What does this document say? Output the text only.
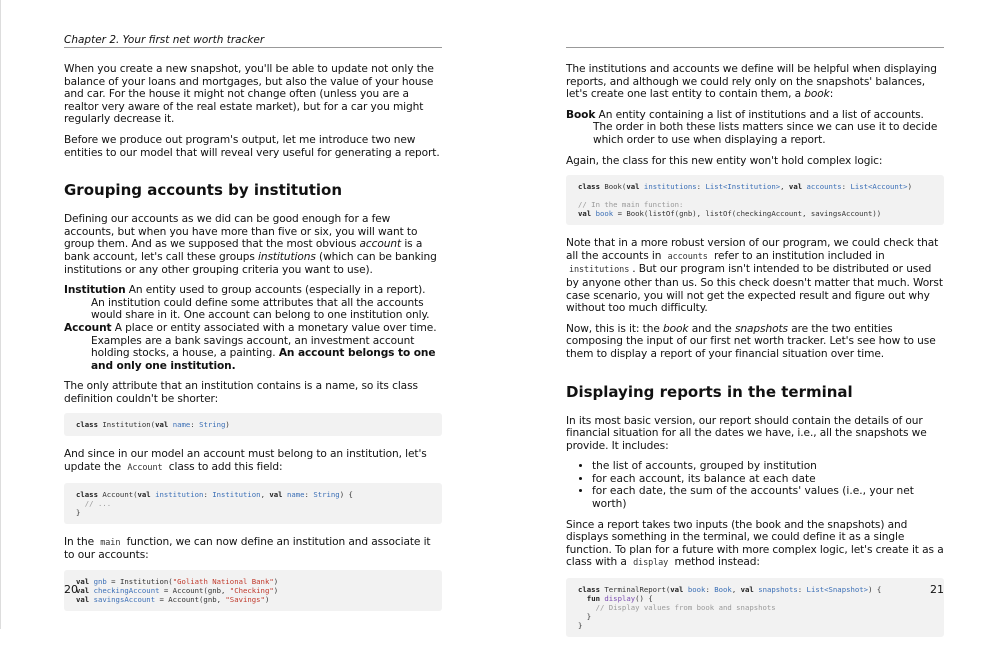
Chapter 2. Your first net worth tracker

When you create a new snapshot, you'll be able to update not only the balance of your loans and mortgages, but also the value of your house and car. For the house it might not change often (unless you are a realtor very aware of the real estate market), but for a car you might regularly decrease it.

Before we produce out program's output, let me introduce two new entities to our model that will reveal very useful for generating a report.

Grouping accounts by institution

Defining our accounts as we did can be good enough for a few accounts, but when you have more than five or six, you will want to group them. And as we supposed that the most obvious account is a bank account, let's call these groups institutions (which can be banking institutions or any other grouping criteria you want to use).

Institution An entity used to group accounts (especially in a report). An institution could define some attributes that all the accounts would share in it. One account can belong to one institution only.
Account A place or entity associated with a monetary value over time. Examples are a bank savings account, an investment account holding stocks, a house, a painting. An account belongs to one and only one institution.

The only attribute that an institution contains is a name, so its class definition couldn't be shorter:

class Institution(val name: String)

And since in our model an account must belong to an institution, let's update the Account class to add this field:

class Account(val institution: Institution, val name: String) {
// ...
}

In the main function, we can now define an institution and associate it to our accounts:

val gnb = Institution("Goliath National Bank")
val checkingAccount = Account(gnb, "Checking")
val savingsAccount = Account(gnb, "Savings")
20

The institutions and accounts we define will be helpful when displaying reports, and although we could rely only on the snapshots' balances, let's create one last entity to contain them, a book:

Book An entity containing a list of institutions and a list of accounts. The order in both these lists matters since we can use it to decide which order to use when displaying a report.

Again, the class for this new entity won't hold complex logic:

class Book(val institutions: List<Institution>, val accounts: List<Account>)

// In the main function:
val book = Book(listOf(gnb), listOf(checkingAccount, savingsAccount))

Note that in a more robust version of our program, we could check that all the accounts in accounts refer to an institution included in institutions . But our program isn't intended to be distributed or used by anyone other than us. So this check doesn't matter that much. Worst case scenario, you will not get the expected result and figure out why without too much difficulty.

Now, this is it: the book and the snapshots are the two entities composing the input of our first net worth tracker. Let's see how to use them to display a report of your financial situation over time.

Displaying reports in the terminal

In its most basic version, our report should contain the details of our financial situation for all the dates we have, i.e., all the snapshots we provide. It includes:

• the list of accounts, grouped by institution
• for each account, its balance at each date
• for each date, the sum of the accounts' values (i.e., your net worth)

Since a report takes two inputs (the book and the snapshots) and displays something in the terminal, we could define it as a single function. To plan for a future with more complex logic, let's create it as a class with a display method instead:

class TerminalReport(val book: Book, val snapshots: List<Snapshot>) {
fun display() {
// Display values from book and snapshots
}
}
21
